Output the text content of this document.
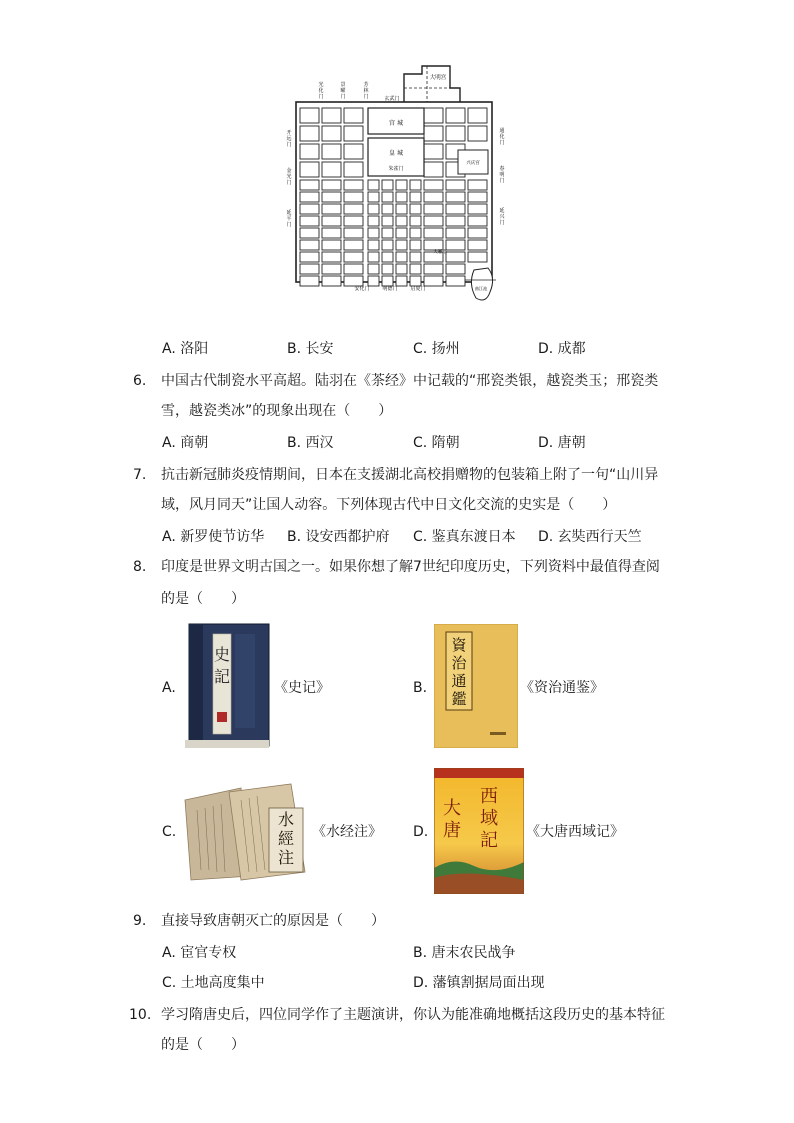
宫 城
皇 城
朱雀门
大明宫
玄武门
兴庆宫
大雁塔
曲江池
光化门
景曜门
芳林门
开远门
金光门
延平门
通化门
春明门
延兴门
安化门	明德门	启夏门
A. 洛阳	B. 长安	C. 扬州	D. 成都
6. 中国古代制瓷水平高超。陆羽在《茶经》中记载的“邢瓷类银，越瓷类玉；邢瓷类
雪，越瓷类冰”的现象出现在（　　）
A. 商朝	B. 西汉	C. 隋朝	D. 唐朝
7. 抗击新冠肺炎疫情期间，日本在支援湖北高校捐赠物的包装箱上附了一句“山川异
域，风月同天”让国人动容。下列体现古代中日文化交流的史实是（　　）
A. 新罗使节访华 B. 设安西都护府 C. 鉴真东渡日本 D. 玄奘西行天竺
8. 印度是世界文明古国之一。如果你想了解7世纪印度历史，下列资料中最值得查阅
的是（　　）
A.
史記
《史记》	B.
資治通鑑
《资治通鉴》
C.
水經注
《水经注》 D.
大唐
西域記 《大唐西域记》
9. 直接导致唐朝灭亡的原因是（　　）
A. 宦官专权	B. 唐末农民战争
C. 土地高度集中	D. 藩镇割据局面出现
10. 学习隋唐史后，四位同学作了主题演讲，你认为能准确地概括这段历史的基本特征
的是（　　）
